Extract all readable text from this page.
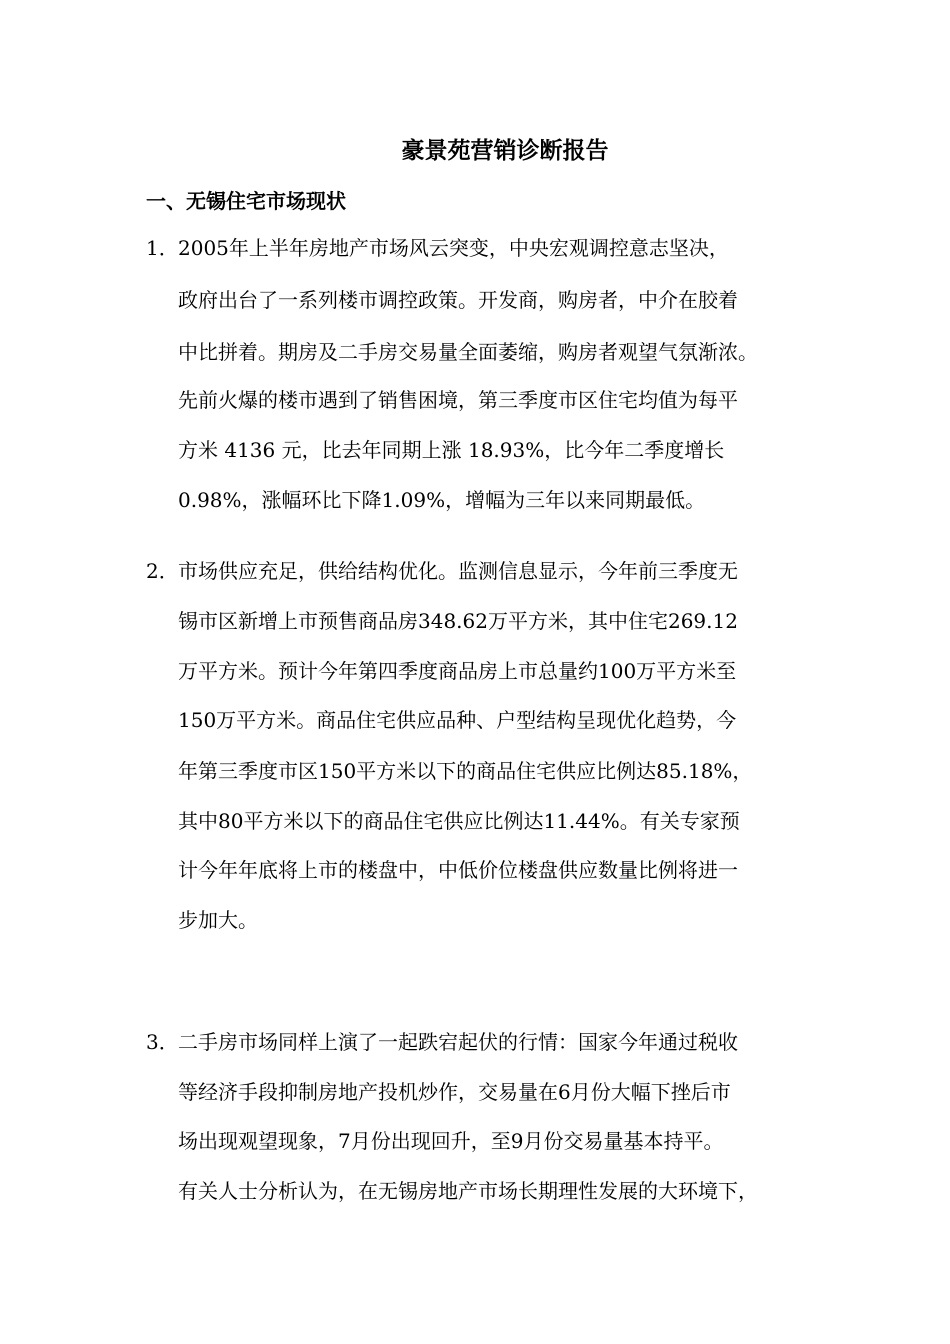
豪景苑营销诊断报告
一、无锡住宅市场现状
1． 2005年上半年房地产市场风云突变，中央宏观调控意志坚决，
政府出台了一系列楼市调控政策。开发商，购房者，中介在胶着
中比拼着。期房及二手房交易量全面萎缩，购房者观望气氛渐浓。
先前火爆的楼市遇到了销售困境，第三季度市区住宅均值为每平
方米 4136 元，比去年同期上涨 18.93%，比今年二季度增长
0.98%，涨幅环比下降1.09%，增幅为三年以来同期最低。
2． 市场供应充足，供给结构优化。监测信息显示，今年前三季度无
锡市区新增上市预售商品房348.62万平方米，其中住宅269.12
万平方米。预计今年第四季度商品房上市总量约100万平方米至
150万平方米。商品住宅供应品种、户型结构呈现优化趋势，今
年第三季度市区150平方米以下的商品住宅供应比例达85.18%，
其中80平方米以下的商品住宅供应比例达11.44%。有关专家预
计今年年底将上市的楼盘中，中低价位楼盘供应数量比例将进一
步加大。
3． 二手房市场同样上演了一起跌宕起伏的行情：国家今年通过税收
等经济手段抑制房地产投机炒作，交易量在6月份大幅下挫后市
场出现观望现象，7月份出现回升，至9月份交易量基本持平。
有关人士分析认为，在无锡房地产市场长期理性发展的大环境下，
